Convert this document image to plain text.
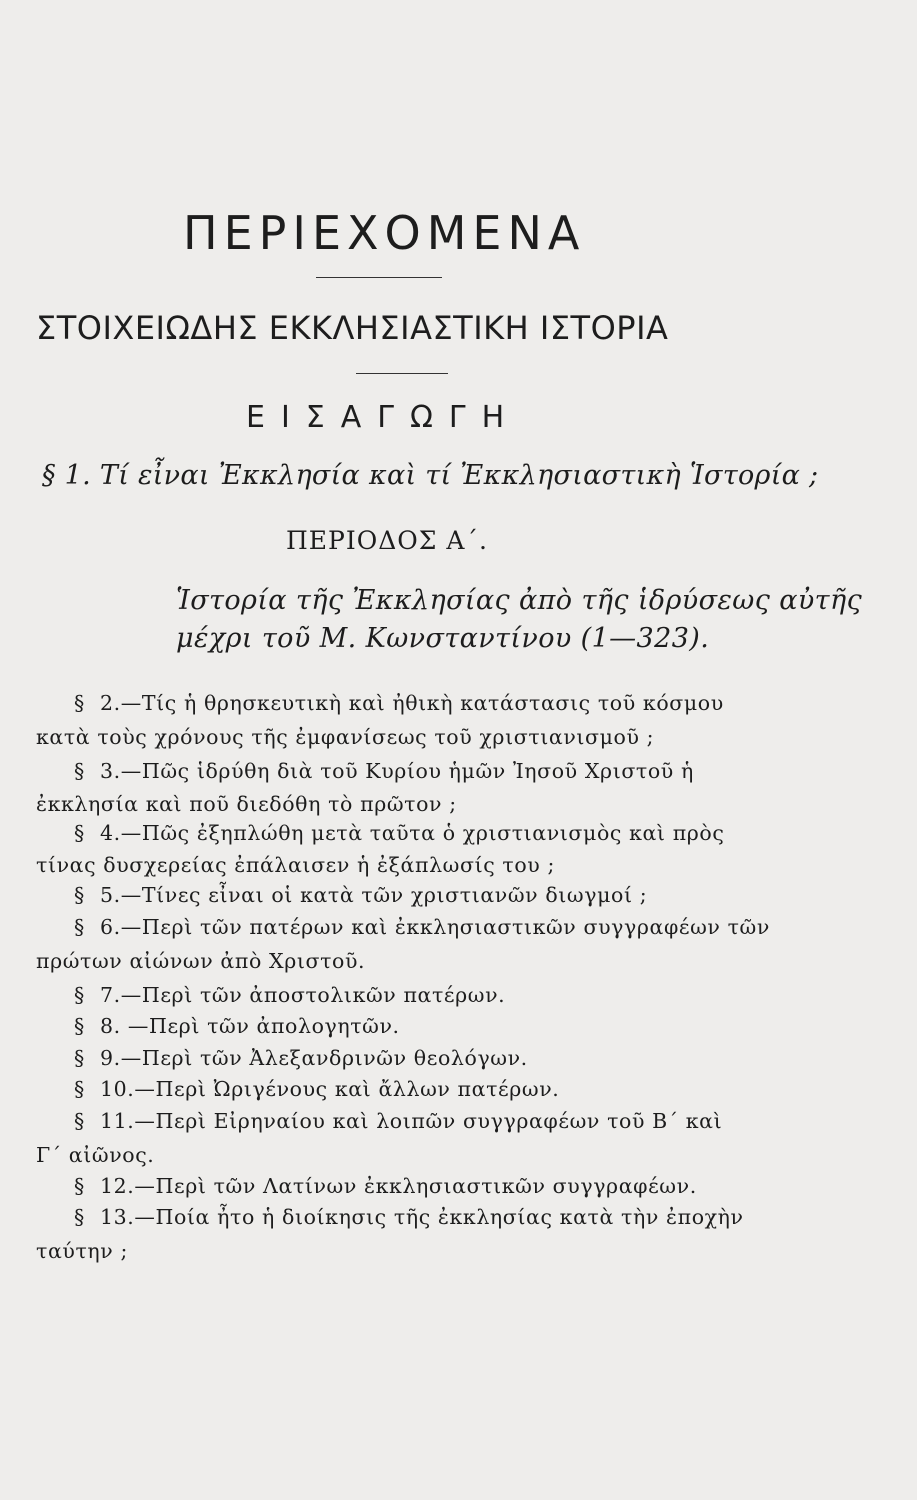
ΠΕΡΙΕΧΟΜΕΝΑ
ΣΤΟΙΧΕΙΩΔΗΣ ΕΚΚΛΗΣΙΑΣΤΙΚΗ ΙΣΤΟΡΙΑ
ΕΙΣΑΓΩΓΗ

§ 1. Τί εἶναι Ἐκκλησία καὶ τί Ἐκκλησιαστικὴ Ἱστορία ;

ΠΕΡΙΟΔΟΣ Α΄.

Ἱστορία τῆς Ἐκκλησίας ἀπὸ τῆς ἱδρύσεως αὐτῆς

μέχρι τοῦ Μ. Κωνσταντίνου (1—323).

§ 2.—Τίς ἡ θρησκευτικὴ καὶ ἠθικὴ κατάστασις τοῦ κόσμου

κατὰ τοὺς χρόνους τῆς ἐμφανίσεως τοῦ χριστιανισμοῦ ;

§ 3.—Πῶς ἱδρύθη διὰ τοῦ Κυρίου ἡμῶν Ἰησοῦ Χριστοῦ ἡ

ἐκκλησία καὶ ποῦ διεδόθη τὸ πρῶτον ;

§ 4.—Πῶς ἐξηπλώθη μετὰ ταῦτα ὁ χριστιανισμὸς καὶ πρὸς

τίνας δυσχερείας ἐπάλαισεν ἡ ἐξάπλωσίς του ;

§ 5.—Τίνες εἶναι οἱ κατὰ τῶν χριστιανῶν διωγμοί ;

§ 6.—Περὶ τῶν πατέρων καὶ ἐκκλησιαστικῶν συγγραφέων τῶν

πρώτων αἰώνων ἀπὸ Χριστοῦ.

§ 7.—Περὶ τῶν ἀποστολικῶν πατέρων.

§ 8. —Περὶ τῶν ἀπολογητῶν.

§ 9.—Περὶ τῶν Ἀλεξανδρινῶν θεολόγων.

§ 10.—Περὶ Ὠριγένους καὶ ἄλλων πατέρων.

§ 11.—Περὶ Εἰρηναίου καὶ λοιπῶν συγγραφέων τοῦ Β΄ καὶ

Γ΄ αἰῶνος.

§ 12.—Περὶ τῶν Λατίνων ἐκκλησιαστικῶν συγγραφέων.

§ 13.—Ποία ἦτο ἡ διοίκησις τῆς ἐκκλησίας κατὰ τὴν ἐποχὴν

ταύτην ;
